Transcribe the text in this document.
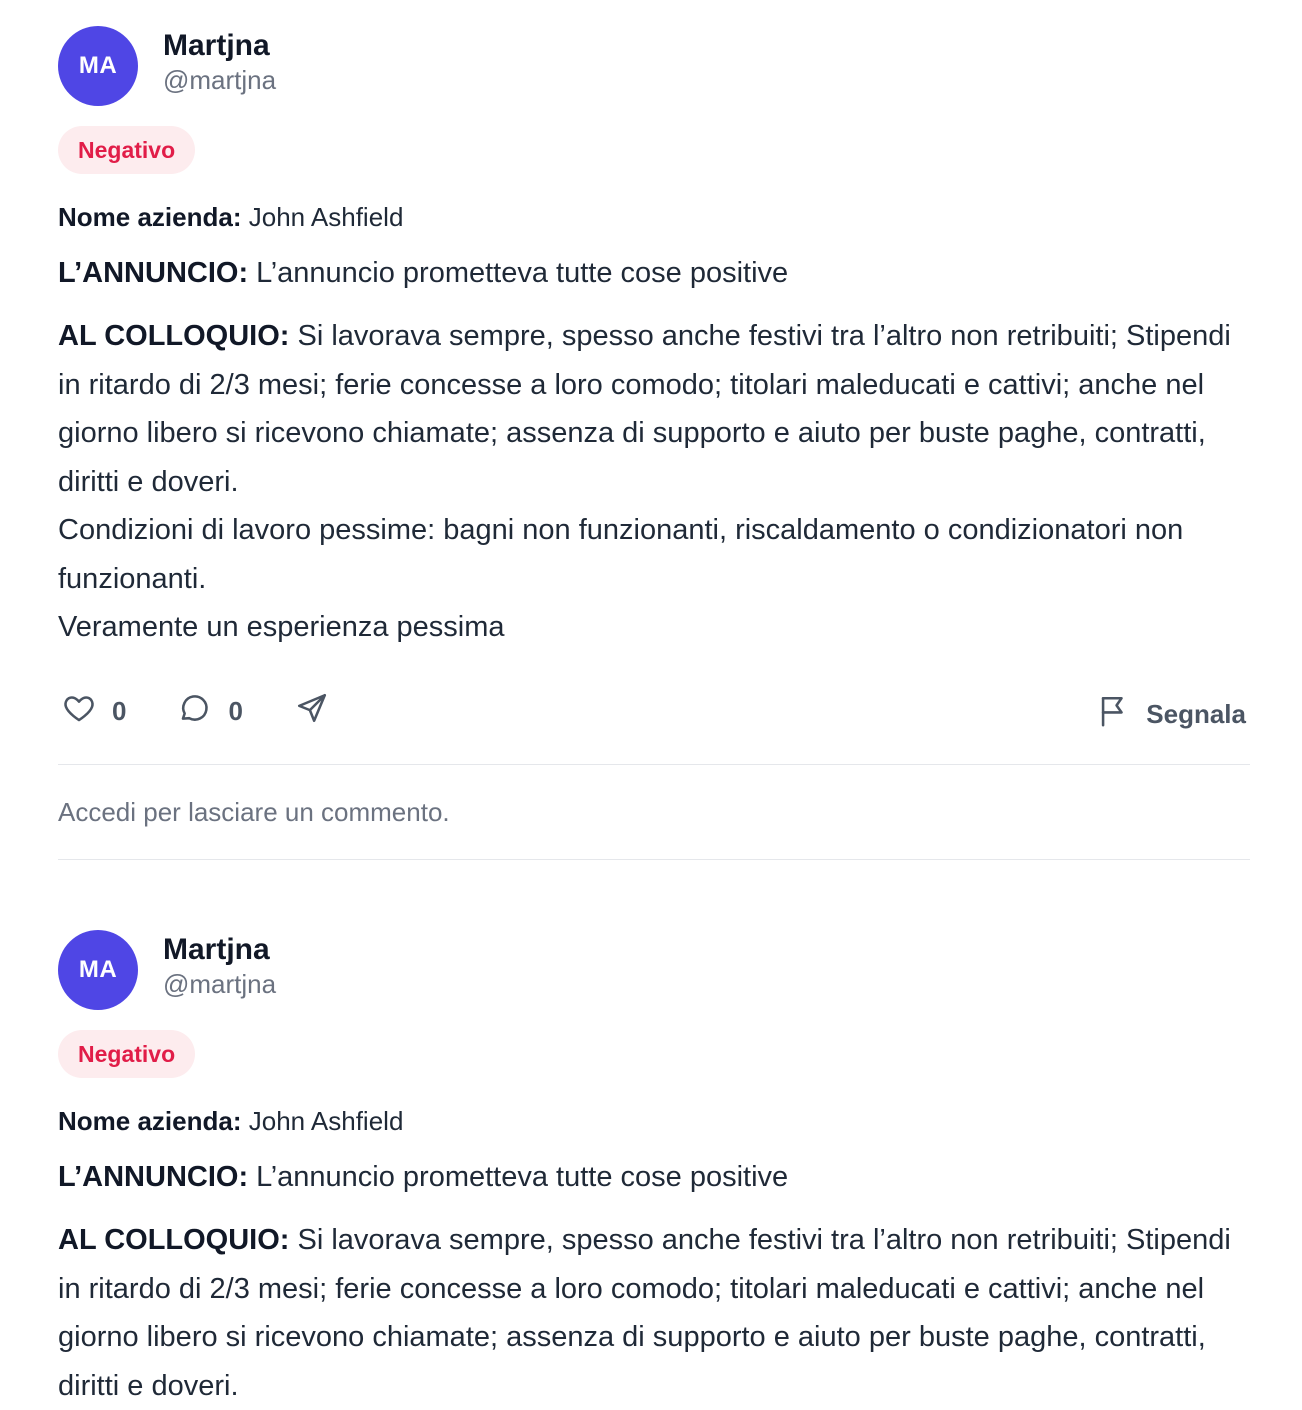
MA
Martjna
@martjna
Negativo
Nome azienda: John Ashfield
L’ANNUNCIO: L’annuncio prometteva tutte cose positive
AL COLLOQUIO: Si lavorava sempre, spesso anche festivi tra l’altro non retribuiti; Stipendi in ritardo di 2/3 mesi; ferie concesse a loro comodo; titolari maleducati e cattivi; anche nel giorno libero si ricevono chiamate; assenza di supporto e aiuto per buste paghe, contratti, diritti e doveri.
Condizioni di lavoro pessime: bagni non funzionanti, riscaldamento o condizionatori non funzionanti.
Veramente un esperienza pessima
0	0	Segnala
Accedi per lasciare un commento.
MA
Martjna
@martjna
Negativo
Nome azienda: John Ashfield
L’ANNUNCIO: L’annuncio prometteva tutte cose positive
AL COLLOQUIO: Si lavorava sempre, spesso anche festivi tra l’altro non retribuiti; Stipendi in ritardo di 2/3 mesi; ferie concesse a loro comodo; titolari maleducati e cattivi; anche nel giorno libero si ricevono chiamate; assenza di supporto e aiuto per buste paghe, contratti, diritti e doveri.
